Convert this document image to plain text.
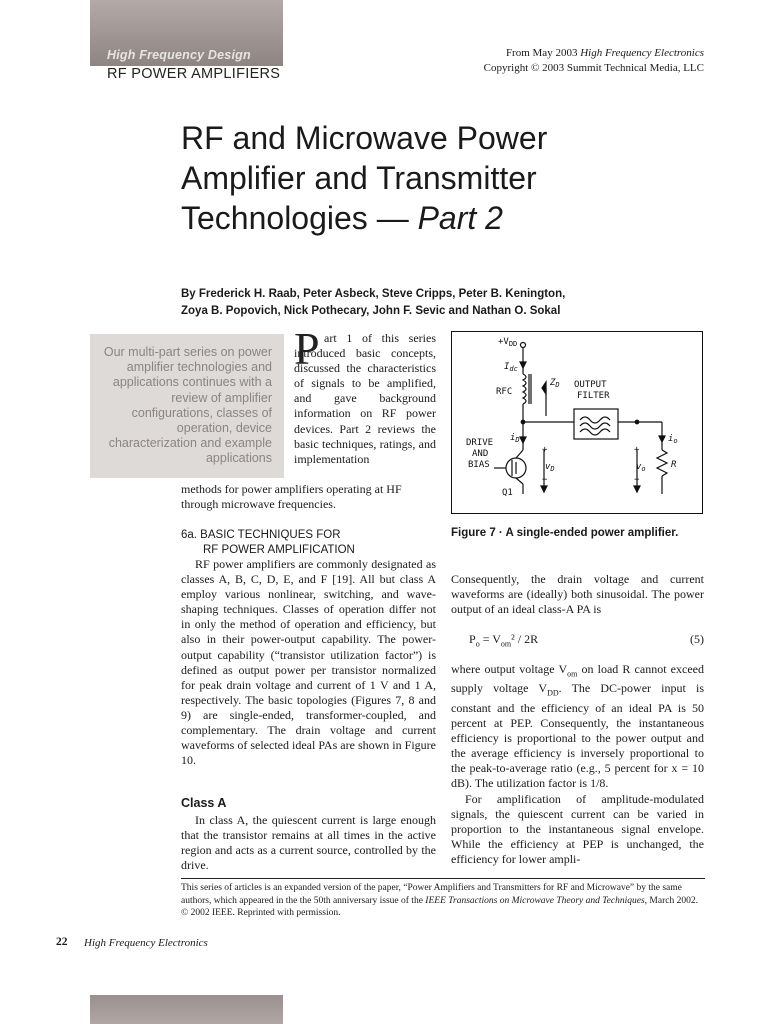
High Frequency Design
RF POWER AMPLIFIERS
From May 2003 High Frequency Electronics
Copyright © 2003 Summit Technical Media, LLC
RF and Microwave Power
Amplifier and Transmitter
Technologies — Part 2
By Frederick H. Raab, Peter Asbeck, Steve Cripps, Peter B. Kenington,
Zoya B. Popovich, Nick Pothecary, John F. Sevic and Nathan O. Sokal
Our multi-part series on power amplifier technologies and applications continues with a review of amplifier configurations, classes of operation, device characterization and example applications
P art 1 of this series introduced basic concepts, discussed the characteristics of signals to be amplified, and gave background information on RF power devices. Part 2 reviews the basic techniques, ratings, and implementation

methods for power amplifiers operating at HF through microwave frequencies.

6a. BASIC TECHNIQUES FOR
RF POWER AMPLIFICATION

RF power amplifiers are commonly designated as classes A, B, C, D, E, and F [19]. All but class A employ various nonlinear, switching, and wave-shaping techniques. Classes of operation differ not in only the method of operation and efficiency, but also in their power-output capability. The power-output capability (“transistor utilization factor”) is defined as output power per transistor normalized for peak drain voltage and current of 1 V and 1 A, respectively. The basic topologies (Figures 7, 8 and 9) are single-ended, transformer-coupled, and complementary. The drain voltage and current waveforms of selected ideal PAs are shown in Figure 10.

Class A

In class A, the quiescent current is large enough that the transistor remains at all times in the active region and acts as a current source, controlled by the drive.

$+V_{DD}$
$I_{dc}$
RFC
$Z_D$ OUTPUT
FILTER
DRIVE
AND
BIAS
$i_D$
+
$v_D$
−
+
$v_o$
−
$i_o$
R
Q1
Figure 7 · A single-ended power amplifier.

Consequently, the drain voltage and current waveforms are (ideally) both sinusoidal. The power output of an ideal class-A PA is

$P_o = V_{om}^2 / 2R$	(5)

where output voltage $V_{om}$ on load R cannot exceed supply voltage $V_{DD}$. The DC-power input is constant and the efficiency of an ideal PA is 50 percent at PEP. Consequently, the instantaneous efficiency is proportional to the power output and the average efficiency is inversely proportional to the peak-to-average ratio (e.g., 5 percent for x = 10 dB). The utilization factor is 1/8.

For amplification of amplitude-modulated signals, the quiescent current can be varied in proportion to the instantaneous signal envelope. While the efficiency at PEP is unchanged, the efficiency for lower ampli-

This series of articles is an expanded version of the paper, “Power Amplifiers and Transmitters for RF and Microwave” by the same authors, which appeared in the the 50th anniversary issue of the IEEE Transactions on Microwave Theory and Techniques, March 2002. © 2002 IEEE. Reprinted with permission.
22 High Frequency Electronics
